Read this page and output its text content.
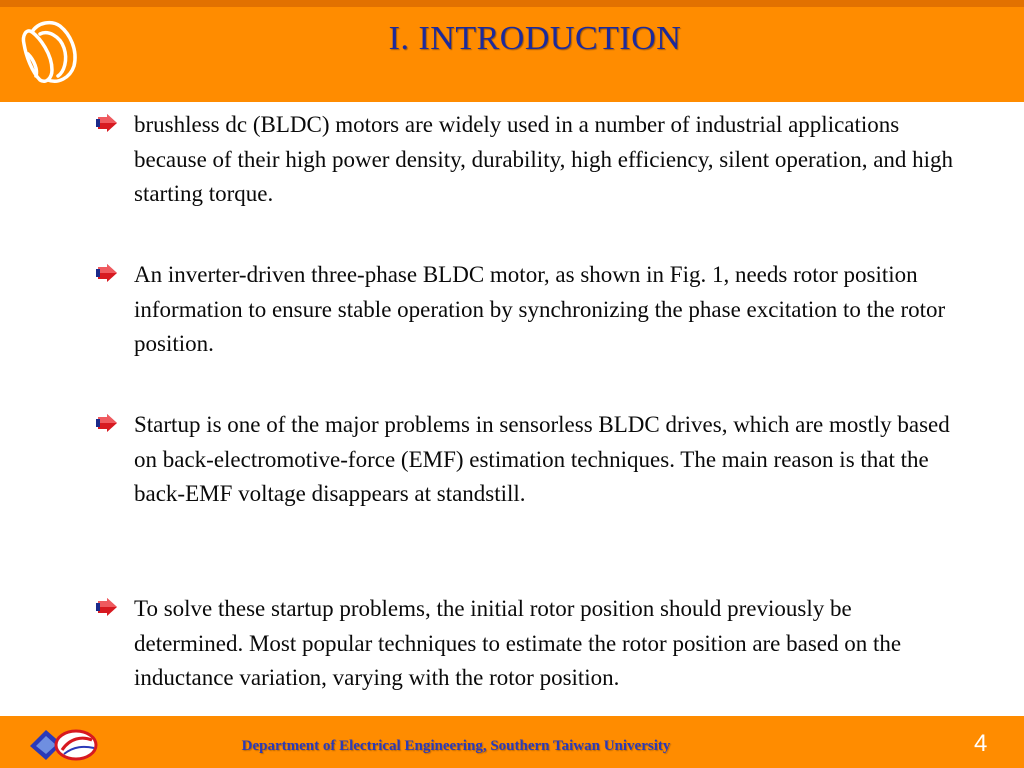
I. INTRODUCTION
brushless dc (BLDC) motors are widely used in a number of industrial applications because of their high power density, durability, high efficiency, silent operation, and high starting torque.
An inverter-driven three-phase BLDC motor, as shown in Fig. 1, needs rotor position information to ensure stable operation by synchronizing the phase excitation to the rotor position.
Startup is one of the major problems in sensorless BLDC drives, which are mostly based on back-electromotive-force (EMF) estimation techniques. The main reason is that the back-EMF voltage disappears at standstill.
To solve these startup problems, the initial rotor position should previously be determined. Most popular techniques to estimate the rotor position are based on the inductance variation, varying with the rotor position.
Department of Electrical Engineering, Southern Taiwan University	4
